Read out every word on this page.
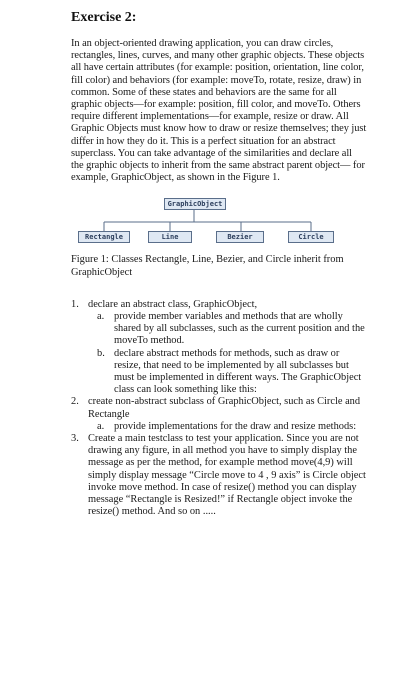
Exercise 2:

In an object-oriented drawing application, you can draw circles, rectangles, lines, curves, and many other graphic objects. These objects all have certain attributes (for example: position, orientation, line color, fill color) and behaviors (for example: moveTo, rotate, resize, draw) in common. Some of these states and behaviors are the same for all graphic objects—for example: position, fill color, and moveTo. Others require different implementations—for example, resize or draw. All Graphic Objects must know how to draw or resize themselves; they just differ in how they do it. This is a perfect situation for an abstract superclass. You can take advantage of the similarities and declare all the graphic objects to inherit from the same abstract parent object— for example, GraphicObject, as shown in the Figure 1.

GraphicObject
Rectangle	Line	Bezier	Circle

Figure 1: Classes Rectangle, Line, Bezier, and Circle inherit from GraphicObject

1. declare an abstract class, GraphicObject,
a. provide member variables and methods that are wholly shared by all subclasses, such as the current position and the moveTo method.
b. declare abstract methods for methods, such as draw or resize, that need to be implemented by all subclasses but must be implemented in different ways. The GraphicObject class can look something like this:
2. create non-abstract subclass of GraphicObject, such as Circle and Rectangle
a. provide implementations for the draw and resize methods:
3. Create a main testclass to test your application. Since you are not drawing any figure, in all method you have to simply display the message as per the method, for example method move(4,9) will simply display message “Circle move to 4 , 9 axis” is Circle object invoke move method. In case of resize() method you can display message “Rectangle is Resized!” if Rectangle object invoke the resize() method. And so on .....
